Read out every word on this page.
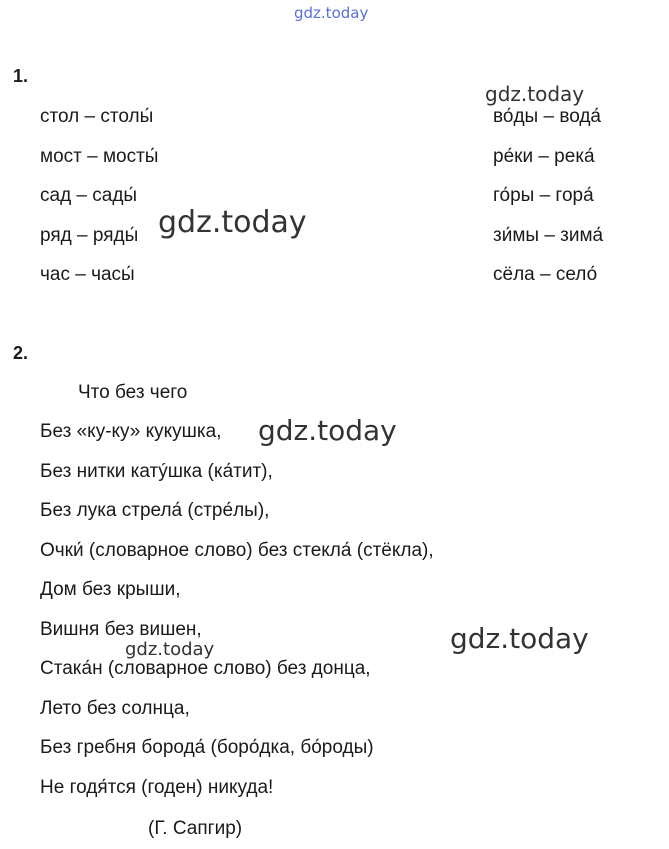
gdz.today
gdz.today
gdz.today
gdz.today
gdz.today
gdz.today
1.
стол – столы́
мост – мосты́
сад – сады́
ряд – ряды́
час – часы́
во́ды – вода́
ре́ки – река́
го́ры – гора́
зи́мы – зима́
сёла – село́
2.
Что без чего
Без «ку-ку» кукушка,
Без нитки катýшка (ка́тит),
Без лука стрела́ (стре́лы),
Очки́ (словарное слово) без стекла́ (стёкла),
Дом без крыши,
Вишня без вишен,
Стака́н (словарное слово) без донца,
Лето без солнца,
Без гребня борода́ (боро́дка, бо́роды)
Не годя́тся (годен) никуда!
(Г. Сапгир)
